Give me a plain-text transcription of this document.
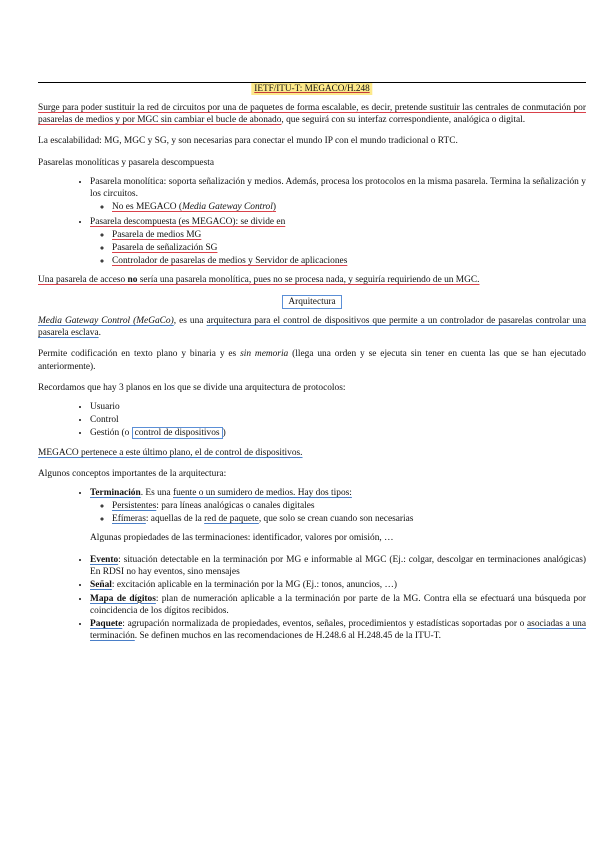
IETF/ITU-T: MEGACO/H.248

Surge para poder sustituir la red de circuitos por una de paquetes de forma escalable, es decir, pretende sustituir las centrales de conmutación por pasarelas de medios y por MGC sin cambiar el bucle de abonado, que seguirá con su interfaz correspondiente, analógica o digital.

La escalabilidad: MG, MGC y SG, y son necesarias para conectar el mundo IP con el mundo tradicional o RTC.

Pasarelas monolíticas y pasarela descompuesta

• Pasarela monolítica: soporta señalización y medios. Además, procesa los protocolos en la misma pasarela. Termina la señalización y los circuitos.
◦ No es MEGACO (Media Gateway Control)
• Pasarela descompuesta (es MEGACO): se divide en
◦ Pasarela de medios MG
◦ Pasarela de señalización SG
◦ Controlador de pasarelas de medios y Servidor de aplicaciones

Una pasarela de acceso no sería una pasarela monolítica, pues no se procesa nada, y seguiría requiriendo de un MGC.

Arquitectura

Media Gateway Control (MeGaCo), es una arquitectura para el control de dispositivos que permite a un controlador de pasarelas controlar una pasarela esclava.

Permite codificación en texto plano y binaria y es sin memoria (llega una orden y se ejecuta sin tener en cuenta las que se han ejecutado anteriormente).

Recordamos que hay 3 planos en los que se divide una arquitectura de protocolos:

• Usuario
• Control
• Gestión (o control de dispositivos )

MEGACO pertenece a este último plano, el de control de dispositivos.

Algunos conceptos importantes de la arquitectura:

• Terminación. Es una fuente o un sumidero de medios. Hay dos tipos:
◦ Persistentes: para líneas analógicas o canales digitales
◦ Efímeras: aquellas de la red de paquete, que solo se crean cuando son necesarias
Algunas propiedades de las terminaciones: identificador, valores por omisión, …
• Evento: situación detectable en la terminación por MG e informable al MGC (Ej.: colgar, descolgar en terminaciones analógicas) En RDSI no hay eventos, sino mensajes
• Señal: excitación aplicable en la terminación por la MG (Ej.: tonos, anuncios, …)
• Mapa de dígitos: plan de numeración aplicable a la terminación por parte de la MG. Contra ella se efectuará una búsqueda por coincidencia de los dígitos recibidos.
• Paquete: agrupación normalizada de propiedades, eventos, señales, procedimientos y estadísticas soportadas por o asociadas a una terminación. Se definen muchos en las recomendaciones de H.248.6 al H.248.45 de la ITU-T.
